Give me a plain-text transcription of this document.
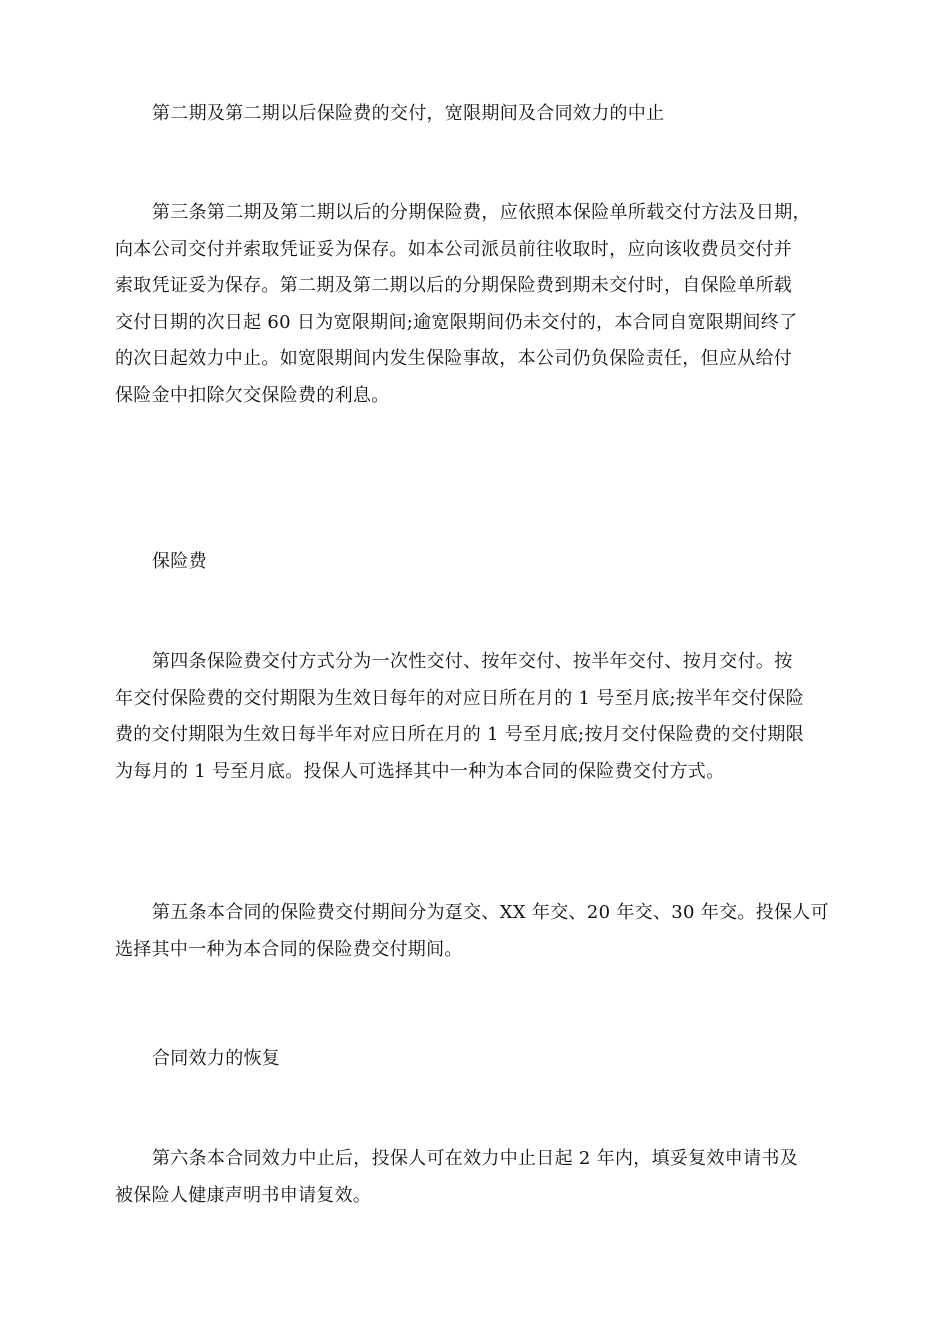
第二期及第二期以后保险费的交付，宽限期间及合同效力的中止

第三条第二期及第二期以后的分期保险费，应依照本保险单所载交付方法及日期，
向本公司交付并索取凭证妥为保存。如本公司派员前往收取时，应向该收费员交付并
索取凭证妥为保存。第二期及第二期以后的分期保险费到期未交付时，自保险单所载
交付日期的次日起 60 日为宽限期间;逾宽限期间仍未交付的，本合同自宽限期间终了
的次日起效力中止。如宽限期间内发生保险事故，本公司仍负保险责任，但应从给付
保险金中扣除欠交保险费的利息。

保险费

第四条保险费交付方式分为一次性交付、按年交付、按半年交付、按月交付。按
年交付保险费的交付期限为生效日每年的对应日所在月的 1 号至月底;按半年交付保险
费的交付期限为生效日每半年对应日所在月的 1 号至月底;按月交付保险费的交付期限
为每月的 1 号至月底。投保人可选择其中一种为本合同的保险费交付方式。
第五条本合同的保险费交付期间分为趸交、XX 年交、20 年交、30 年交。投保人可
选择其中一种为本合同的保险费交付期间。

合同效力的恢复

第六条本合同效力中止后，投保人可在效力中止日起 2 年内，填妥复效申请书及
被保险人健康声明书申请复效。
